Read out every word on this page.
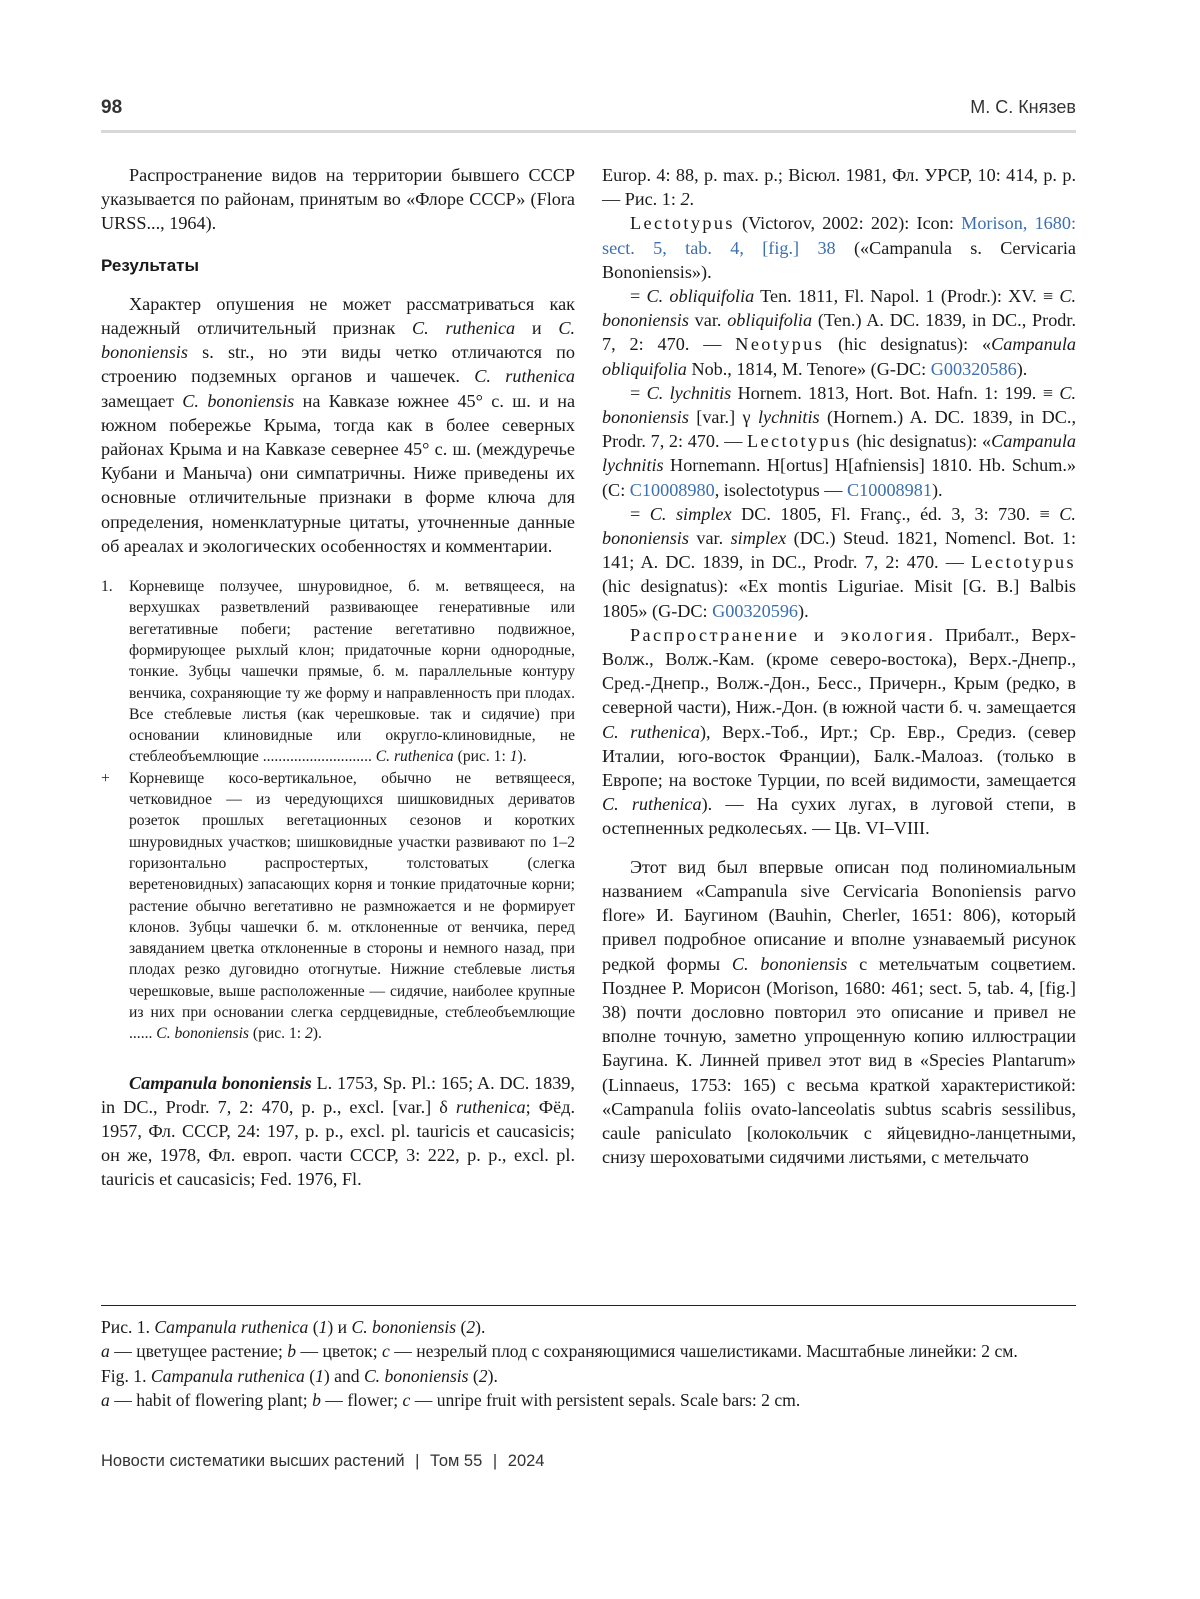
98	М. С. Князев

Распространение видов на территории бывшего СССР указывается по районам, принятым во «Флоре СССР» (Flora URSS..., 1964).

Результаты

Характер опушения не может рассматриваться как надежный отличительный признак C. ruthenica и C. bononiensis s. str., но эти виды четко отличаются по строению подземных органов и чашечек. C. ruthenica замещает C. bononiensis на Кавказе южнее 45° с. ш. и на южном побережье Крыма, тогда как в более северных районах Крыма и на Кавказе севернее 45° с. ш. (междуречье Кубани и Маныча) они симпатричны. Ниже приведены их основные отличительные признаки в форме ключа для определения, номенклатурные цитаты, уточненные данные об ареалах и экологических особенностях и комментарии.

1. Корневище ползучее, шнуровидное, б. м. ветвящееся, на верхушках разветвлений развивающее генеративные или вегетативные побеги; растение вегетативно подвижное, формирующее рыхлый клон; придаточные корни однородные, тонкие. Зубцы чашечки прямые, б. м. параллельные контуру венчика, сохраняющие ту же форму и направленность при плодах. Все стеблевые листья (как черешковые. так и сидячие) при основании клиновидные или округло-клиновидные, не стеблеобъемлющие ............................ C. ruthenica (рис. 1: 1).
+ Корневище косо-вертикальное, обычно не ветвящееся, четковидное — из чередующихся шишковидных дериватов розеток прошлых вегетационных сезонов и коротких шнуровидных участков; шишковидные участки развивают по 1–2 горизонтально распростертых, толстоватых (слегка веретеновидных) запасающих корня и тонкие придаточные корни; растение обычно вегетативно не размножается и не формирует клонов. Зубцы чашечки б. м. отклоненные от венчика, перед завяданием цветка отклоненные в стороны и немного назад, при плодах резко дуговидно отогнутые. Нижние стеблевые листья черешковые, выше расположенные — сидячие, наиболее крупные из них при основании слегка сердцевидные, стеблеобъемлющие ...... C. bononiensis (рис. 1: 2).

Campanula bononiensis L. 1753, Sp. Pl.: 165; A. DC. 1839, in DC., Prodr. 7, 2: 470, p. p., excl. [var.] δ ruthenica; Фёд. 1957, Фл. СССР, 24: 197, p. p., excl. pl. tauricis et caucasicis; он же, 1978, Фл. европ. части СССР, 3: 222, p. p., excl. pl. tauricis et caucasicis; Fed. 1976, Fl.

Europ. 4: 88, p. max. p.; Вісюл. 1981, Фл. УРСР, 10: 414, p. p. — Рис. 1: 2.

Lectotypus (Victorov, 2002: 202): Icon: Morison, 1680: sect. 5, tab. 4, [fig.] 38 («Campanula s. Cervicaria Bononiensis»).

= C. obliquifolia Ten. 1811, Fl. Napol. 1 (Prodr.): XV. ≡ C. bononiensis var. obliquifolia (Ten.) A. DC. 1839, in DC., Prodr. 7, 2: 470. — Neotypus (hic designatus): «Campanula obliquifolia Nob., 1814, M. Tenore» (G-DC: G00320586).

= C. lychnitis Hornem. 1813, Hort. Bot. Hafn. 1: 199. ≡ C. bononiensis [var.] γ lychnitis (Hornem.) A. DC. 1839, in DC., Prodr. 7, 2: 470. — Lectotypus (hic designatus): «Campanula lychnitis Hornemann. H[ortus] H[afniensis] 1810. Hb. Schum.» (C: C10008980, isolectotypus — C10008981).

= C. simplex DC. 1805, Fl. Franç., éd. 3, 3: 730. ≡ C. bononiensis var. simplex (DC.) Steud. 1821, Nomencl. Bot. 1: 141; A. DC. 1839, in DC., Prodr. 7, 2: 470. — Lectotypus (hic designatus): «Ex montis Liguriae. Misit [G. B.] Balbis 1805» (G-DC: G00320596).

Распространение и экология. Прибалт., Верх-Волж., Волж.-Кам. (кроме северо-востока), Верх.-Днепр., Сред.-Днепр., Волж.-Дон., Бесс., Причерн., Крым (редко, в северной части), Ниж.-Дон. (в южной части б. ч. замещается C. ruthenica), Верх.-Тоб., Ирт.; Ср. Евр., Средиз. (север Италии, юго-восток Франции), Балк.-Малоаз. (только в Европе; на востоке Турции, по всей видимости, замещается C. ruthenica). — На сухих лугах, в луговой степи, в остепненных редколесьях. — Цв. VI–VIII.

Этот вид был впервые описан под полиномиальным названием «Campanula sive Cervicaria Bononiensis parvo flore» И. Баугином (Bauhin, Cherler, 1651: 806), который привел подробное описание и вполне узнаваемый рисунок редкой формы C. bononiensis с метельчатым соцветием. Позднее Р. Морисон (Morison, 1680: 461; sect. 5, tab. 4, [fig.] 38) почти дословно повторил это описание и привел не вполне точную, заметно упрощенную копию иллюстрации Баугина. К. Линней привел этот вид в «Species Plantarum» (Linnaeus, 1753: 165) с весьма краткой характеристикой: «Campanula foliis ovato-lanceolatis subtus scabris sessilibus, caule paniculato [колокольчик с яйцевидно-ланцетными, снизу шероховатыми сидячими листьями, с метельчато

Рис. 1. Campanula ruthenica (1) и C. bononiensis (2).

a — цветущее растение; b — цветок; c — незрелый плод с сохраняющимися чашелистиками. Масштабные линейки: 2 см.

Fig. 1. Campanula ruthenica (1) and C. bononiensis (2).

a — habit of flowering plant; b — flower; c — unripe fruit with persistent sepals. Scale bars: 2 cm.

Новости систематики высших растений | Том 55 | 2024
